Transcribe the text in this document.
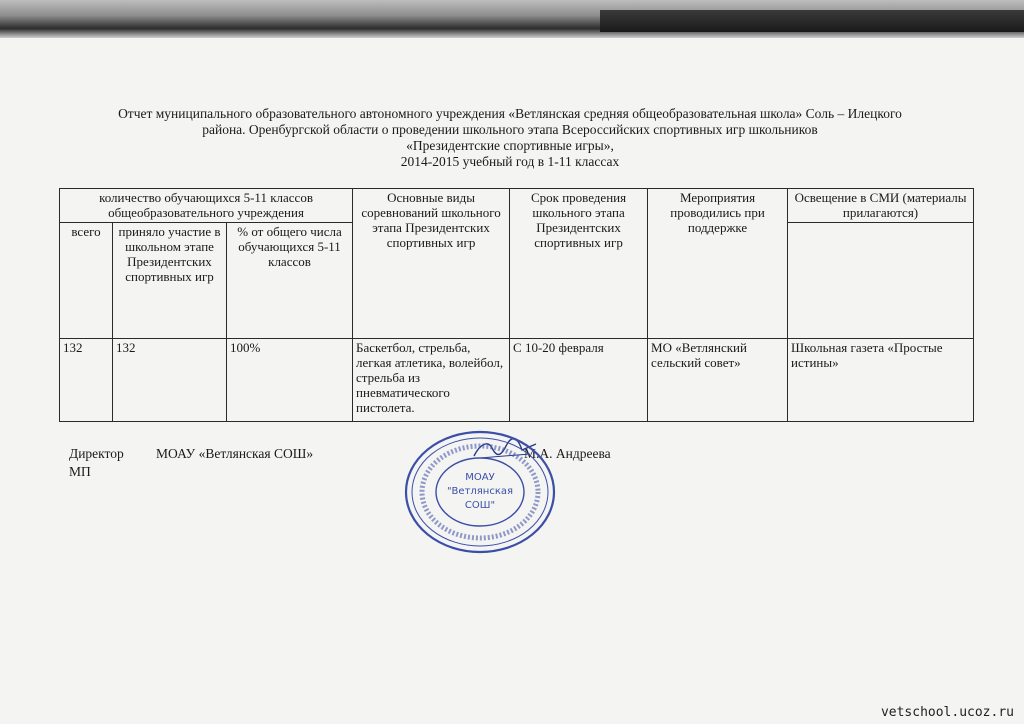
Отчет муниципального образовательного автономного учреждения «Ветлянская средняя общеобразовательная школа» Соль – Илецкого
района. Оренбургской области о проведении школьного этапа Всероссийских спортивных игр школьников
«Президентские спортивные игры»,
2014-2015 учебный год в 1-11 классах
количество обучающихся 5-11 классов общеобразовательного учреждения			Основные виды соревнований школьного этапа Президентских спортивных игр	Срок проведения школьного этапа Президентских спортивных игр	Мероприятия проводились при поддержке	Освещение в СМИ (материалы прилагаются)
всего	приняло участие в школьном этапе Президентских спортивных игр	% от общего числа обучающихся 5-11 классов				
132	132	100%	Баскетбол, стрельба, легкая атлетика, волейбол, стрельба из пневматического пистолета.	С 10-20 февраля	МО «Ветлянский сельский совет»	Школьная газета «Простые истины»
Директор МОАУ «Ветлянская СОШ»	М.А. Андреева
МП	МОАУ
"Ветлянская
СОШ"
vetschool.ucoz.ru
